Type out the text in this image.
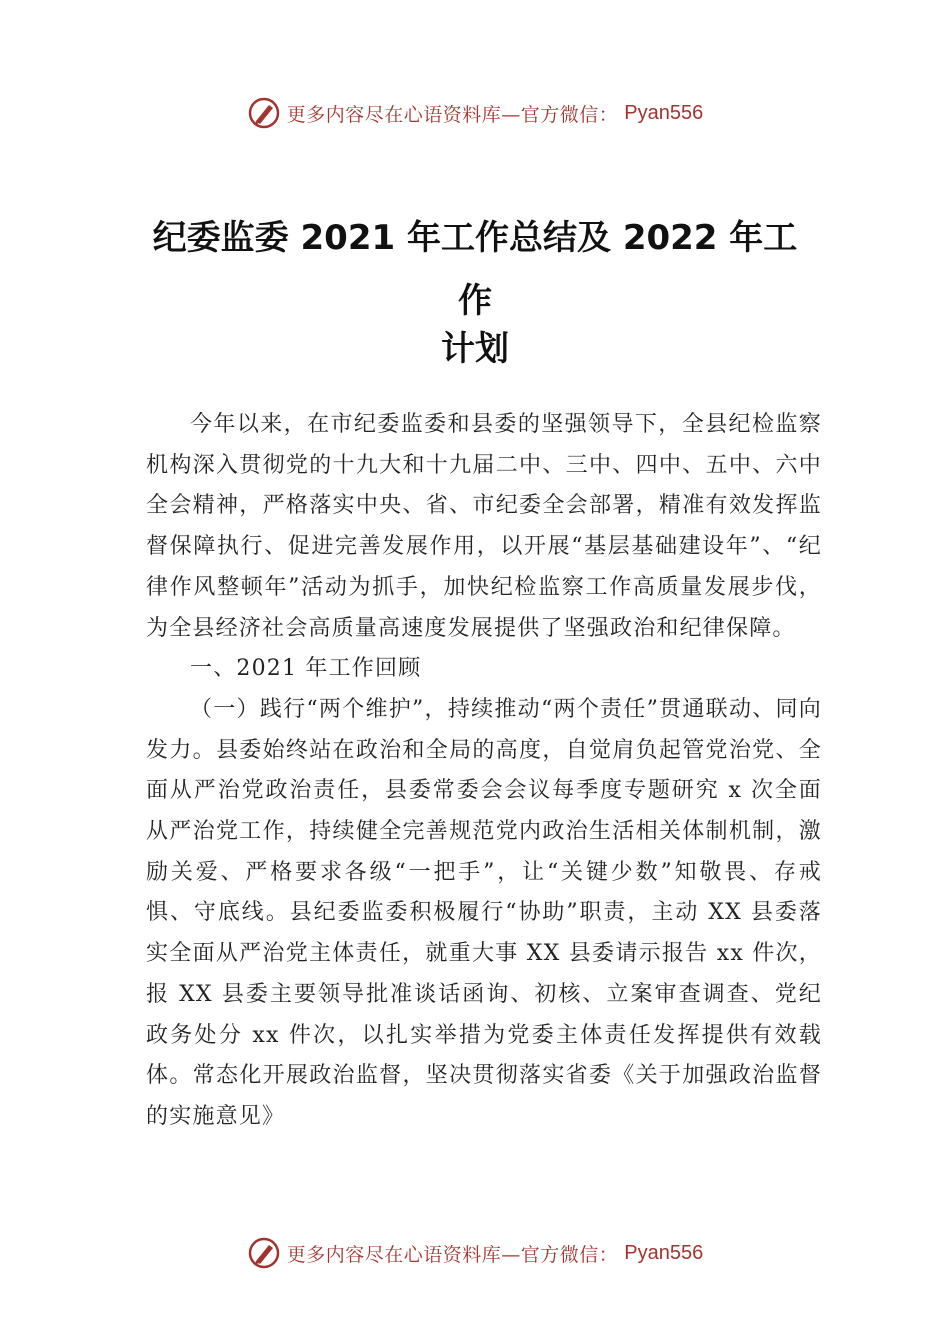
更多内容尽在心语资料库—官方微信： Pyan556
纪委监委 2021 年工作总结及 2022 年工
作
计划

今年以来，在市纪委监委和县委的坚强领导下，全县纪检监察机构深入贯彻党的十九大和十九届二中、三中、四中、五中、六中全会精神，严格落实中央、省、市纪委全会部署，精准有效发挥监督保障执行、促进完善发展作用，以开展“基层基础建设年”、“纪律作风整顿年”活动为抓手，加快纪检监察工作高质量发展步伐，为全县经济社会高质量高速度发展提供了坚强政治和纪律保障。

一、2021 年工作回顾

（一）践行“两个维护”，持续推动“两个责任”贯通联动、同向发力。县委始终站在政治和全局的高度，自觉肩负起管党治党、全面从严治党政治责任，县委常委会会议每季度专题研究 x 次全面从严治党工作，持续健全完善规范党内政治生活相关体制机制，激励关爱、严格要求各级“一把手”，让“关键少数”知敬畏、存戒惧、守底线。县纪委监委积极履行“协助”职责，主动 XX 县委落实全面从严治党主体责任，就重大事 XX 县委请示报告 xx 件次，报 XX 县委主要领导批准谈话函询、初核、立案审查调查、党纪政务处分 xx 件次，以扎实举措为党委主体责任发挥提供有效载体。常态化开展政治监督，坚决贯彻落实省委《关于加强政治监督的实施意见》

更多内容尽在心语资料库—官方微信： Pyan556
